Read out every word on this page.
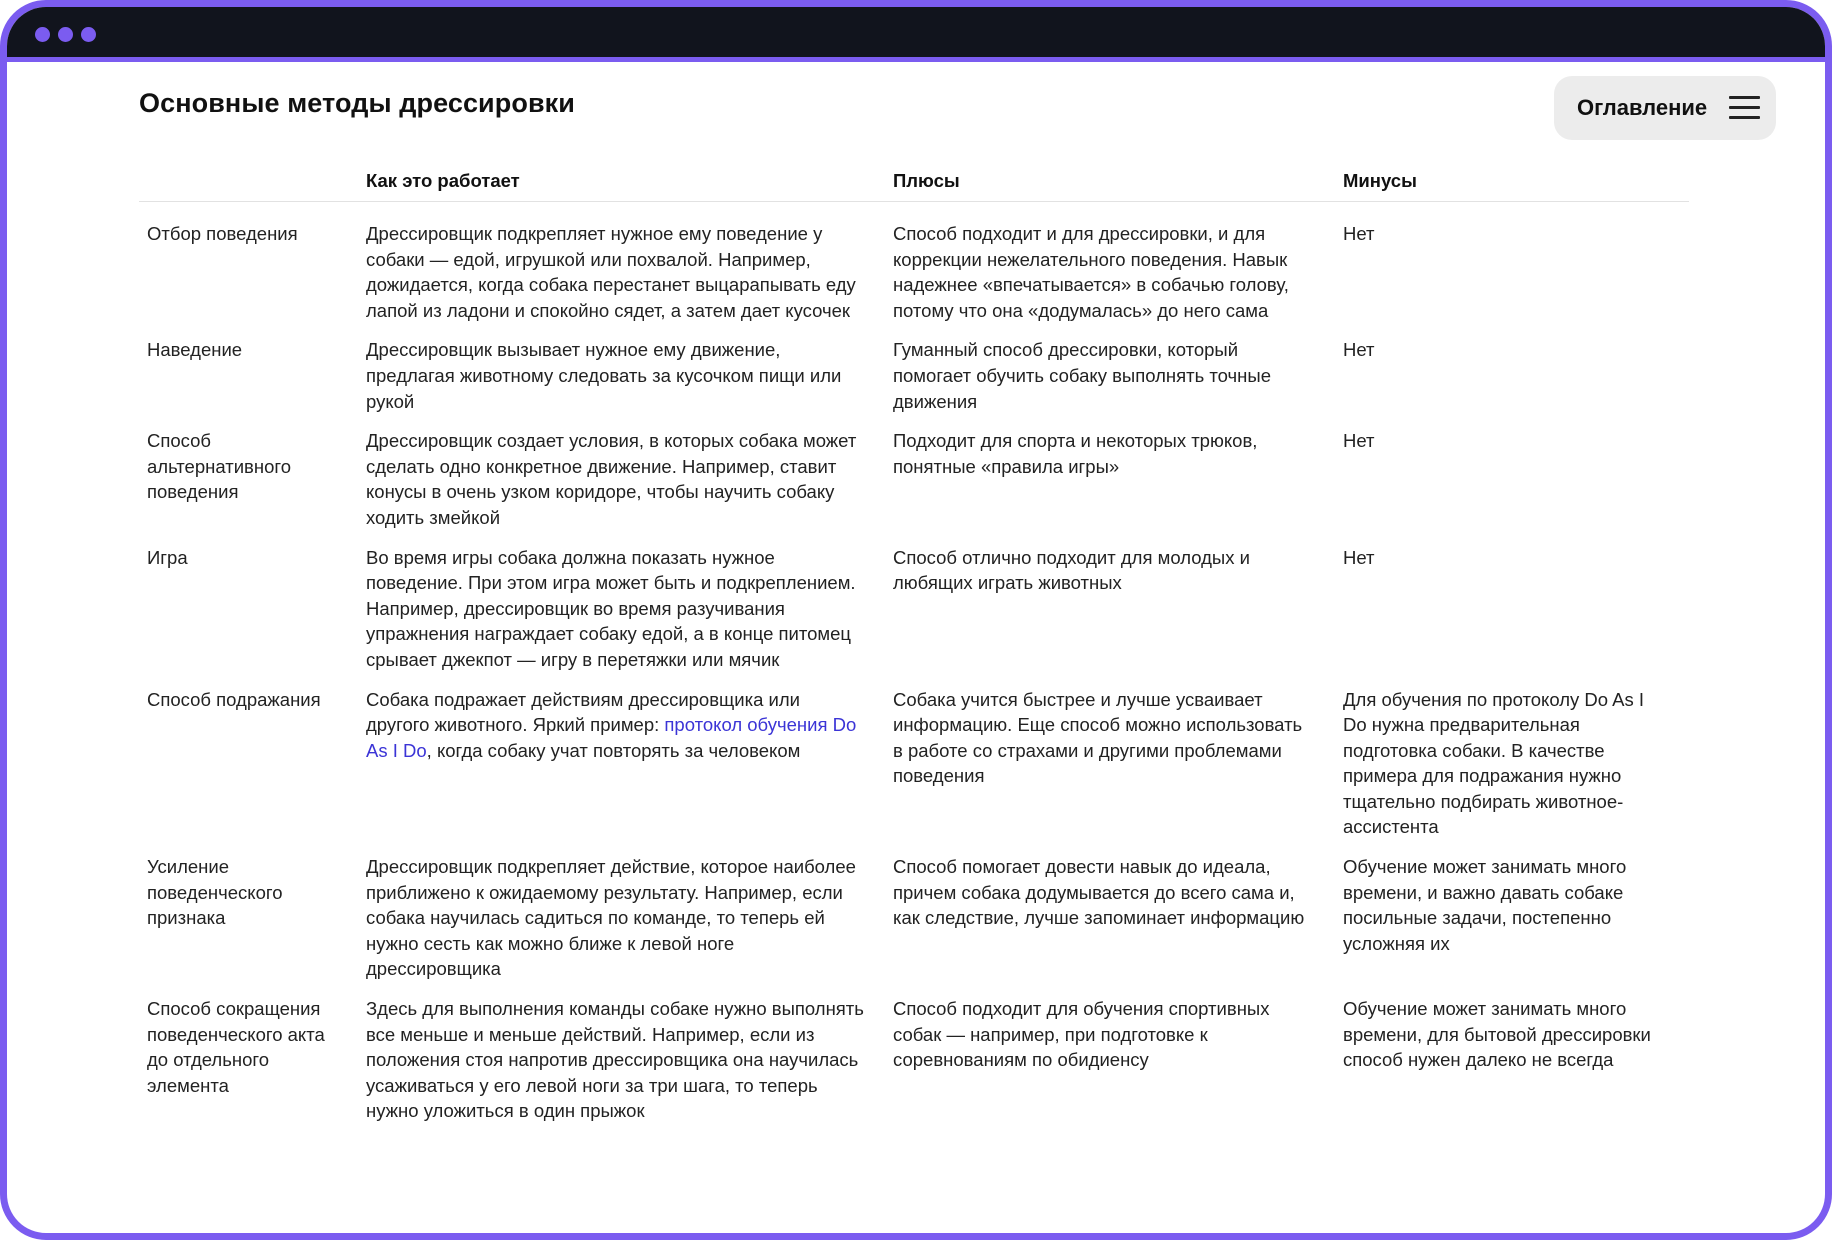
Основные методы дрессировки	Оглавление
	Как это работает	Плюсы	Минусы
Отбор поведения	Дрессировщик подкрепляет нужное ему поведение у собаки — едой, игрушкой или похвалой. Например, дожидается, когда собака перестанет выцарапывать еду лапой из ладони и спокойно сядет, а затем дает кусочек	Способ подходит и для дрессировки, и для коррекции нежелательного поведения. Навык надежнее «впечатывается» в собачью голову, потому что она «додумалась» до него сама	Нет
Наведение	Дрессировщик вызывает нужное ему движение, предлагая животному следовать за кусочком пищи или рукой	Гуманный способ дрессировки, который помогает обучить собаку выполнять точные движения	Нет
Способ альтернативного поведения	Дрессировщик создает условия, в которых собака может сделать одно конкретное движение. Например, ставит конусы в очень узком коридоре, чтобы научить собаку ходить змейкой	Подходит для спорта и некоторых трюков, понятные «правила игры»	Нет
Игра	Во время игры собака должна показать нужное поведение. При этом игра может быть и подкреплением. Например, дрессировщик во время разучивания упражнения награждает собаку едой, а в конце питомец срывает джекпот — игру в перетяжки или мячик	Способ отлично подходит для молодых и любящих играть животных	Нет
Способ подражания	Собака подражает действиям дрессировщика или другого животного. Яркий пример: протокол обучения Do As I Do, когда собаку учат повторять за человеком	Собака учится быстрее и лучше усваивает информацию. Еще способ можно использовать в работе со страхами и другими проблемами поведения	Для обучения по протоколу Do As I Do нужна предварительная подготовка собаки. В качестве примера для подражания нужно тщательно подбирать животное-ассистента
Усиление поведенческого признака	Дрессировщик подкрепляет действие, которое наиболее приближено к ожидаемому результату. Например, если собака научилась садиться по команде, то теперь ей нужно сесть как можно ближе к левой ноге дрессировщика	Способ помогает довести навык до идеала, причем собака додумывается до всего сама и, как следствие, лучше запоминает информацию	Обучение может занимать много времени, и важно давать собаке посильные задачи, постепенно усложняя их
Способ сокращения поведенческого акта до отдельного элемента	Здесь для выполнения команды собаке нужно выполнять все меньше и меньше действий. Например, если из положения стоя напротив дрессировщика она научилась усаживаться у его левой ноги за три шага, то теперь нужно уложиться в один прыжок	Способ подходит для обучения спортивных собак — например, при подготовке к соревнованиям по обидиенсу	Обучение может занимать много времени, для бытовой дрессировки способ нужен далеко не всегда
